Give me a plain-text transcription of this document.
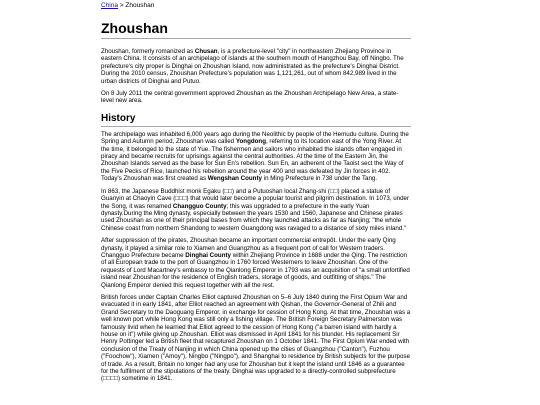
China > Zhoushan
Zhoushan

Zhoushan, formerly romanized as Chusan, is a prefecture-level "city" in northeastern Zhejiang Province in eastern China. It consists of an archipelago of islands at the southern mouth of Hangzhou Bay, off Ningbo. The prefecture's city proper is Dinghai on Zhoushan Island, now administrated as the prefecture's Dinghai District. During the 2010 census, Zhoushan Prefecture's population was 1,121,261, out of whom 842,989 lived in the urban districts of Dinghai and Putuo.

On 8 July 2011 the central government approved Zhoushan as the Zhoushan Archipelago New Area, a state-level new area.

History

The archipelago was inhabited 6,000 years ago during the Neolithic by people of the Hemudu culture. During the Spring and Autumn period, Zhoushan was called Yongdong, referring to its location east of the Yong River. At the time, it belonged to the state of Yue. The fishermen and sailors who inhabited the islands often engaged in piracy and became recruits for uprisings against the central authorities. At the time of the Eastern Jin, the Zhoushan Islands served as the base for Sun En's rebellion. Sun En, an adherent of the Taoist sect the Way of the Five Pecks of Rice, launched his rebellion around the year 400 and was defeated by Jin forces in 402. Today's Zhoushan was first created as Wengshan County in Ming Prefecture in 738 under the Tang.

In 863, the Japanese Buddhist monk Egaku (□□) and a Putuoshan local Zhang-shi (□□) placed a statue of Guanyin at Chaoyin Cave (□□□) that would later become a popular tourist and pilgrim destination. In 1073, under the Song, it was renamed Changguo County; this was upgraded to a prefecture in the early Yuan dynasty.During the Ming dynasty, especially between the years 1530 and 1560, Japanese and Chinese pirates used Zhoushan as one of their principal bases from which they launched attacks as far as Nanjing; "the whole Chinese coast from northern Shandong to western Guangdong was ravaged to a distance of sixty miles inland."

After suppression of the pirates, Zhoushan became an important commercial entrepôt. Under the early Qing dynasty, it played a similar role to Xiamen and Guangzhou as a frequent port of call for Western traders. Changguo Prefecture became Dinghai County within Zhejiang Province in 1688 under the Qing. The restriction of all European trade to the port of Guangzhou in 1760 forced Westerners to leave Zhoushan. One of the requests of Lord Macartney's embassy to the Qianlong Emperor in 1793 was an acquisition of "a small unfortified island near Zhoushan for the residence of English traders, storage of goods, and outfitting of ships." The Qianlong Emperor denied this request together with all the rest.

British forces under Captain Charles Elliot captured Zhoushan on 5–6 July 1840 during the First Opium War and evacuated it in early 1841, after Elliot reached an agreement with Qishan, the Governor-General of Zhili and Grand Secretary to the Daoguang Emperor, in exchange for cession of Hong Kong. At that time, Zhoushan was a well known port while Hong Kong was still only a fishing village. The British Foreign Secretary Palmerston was famously livid when he learned that Elliot agreed to the cession of Hong Kong ("a barren island with hardly a house on it") while giving up Zhoushan. Elliot was dismissed in April 1841 for his blunder. His replacement Sir Henry Pottinger led a British fleet that recaptured Zhoushan on 1 October 1841. The First Opium War ended with conclusion of the Treaty of Nanjing in which China opened up the cities of Guangzhou ("Canton"), Fuzhou ("Foochow"), Xiamen ("Amoy"), Ningbo ("Ningpo"), and Shanghai to residence by British subjects for the purpose of trade. As a result, Britain no longer had any use for Zhoushan but it kept the island until 1846 as a guarantee for the fulfilment of the stipulations of the treaty. Dinghai was upgraded to a directly-controlled subprefecture (□□□□) sometime in 1841.
